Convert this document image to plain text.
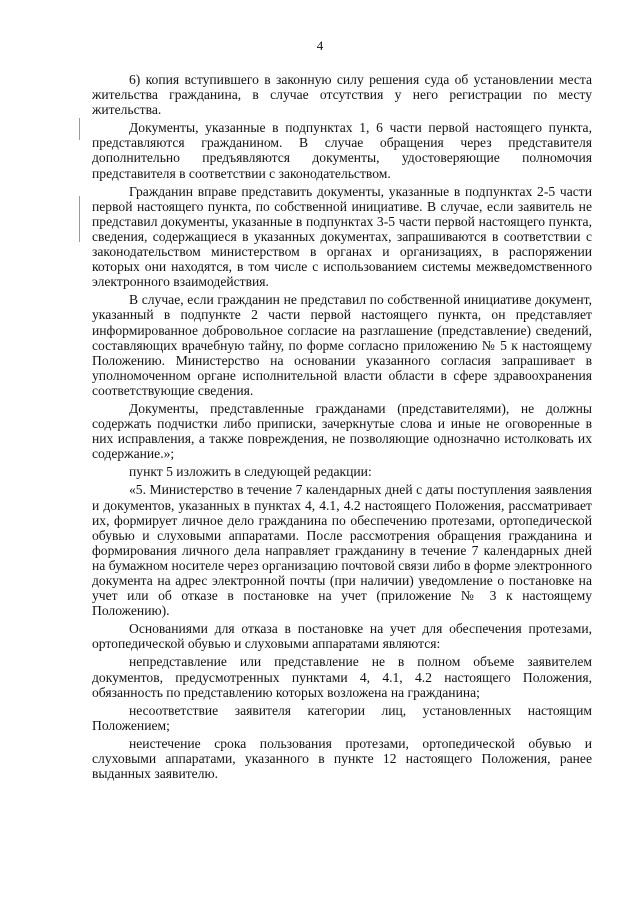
4

6) копия вступившего в законную силу решения суда об установлении места жительства гражданина, в случае отсутствия у него регистрации по месту жительства.

Документы, указанные в подпунктах 1, 6 части первой настоящего пункта, представляются гражданином. В случае обращения через представителя дополнительно предъявляются документы, удостоверяющие полномочия представителя в соответствии с законодательством.

Гражданин вправе представить документы, указанные в подпунктах 2-5 части первой настоящего пункта, по собственной инициативе. В случае, если заявитель не представил документы, указанные в подпунктах 3-5 части первой настоящего пункта, сведения, содержащиеся в указанных документах, запрашиваются в соответствии с законодательством министерством в органах и организациях, в распоряжении которых они находятся, в том числе с использованием системы межведомственного электронного взаимодействия.

В случае, если гражданин не представил по собственной инициативе документ, указанный в подпункте 2 части первой настоящего пункта, он представляет информированное добровольное согласие на разглашение (представление) сведений, составляющих врачебную тайну, по форме согласно приложению № 5 к настоящему Положению. Министерство на основании указанного согласия запрашивает в уполномоченном органе исполнительной власти области в сфере здравоохранения соответствующие сведения.

Документы, представленные гражданами (представителями), не должны содержать подчистки либо приписки, зачеркнутые слова и иные не оговоренные в них исправления, а также повреждения, не позволяющие однозначно истолковать их содержание.»;

пункт 5 изложить в следующей редакции:

«5. Министерство в течение 7 календарных дней с даты поступления заявления и документов, указанных в пунктах 4, 4.1, 4.2 настоящего Положения, рассматривает их, формирует личное дело гражданина по обеспечению протезами, ортопедической обувью и слуховыми аппаратами. После рассмотрения обращения гражданина и формирования личного дела направляет гражданину в течение 7 календарных дней на бумажном носителе через организацию почтовой связи либо в форме электронного документа на адрес электронной почты (при наличии) уведомление о постановке на учет или об отказе в постановке на учет (приложение № 3 к настоящему Положению).

Основаниями для отказа в постановке на учет для обеспечения протезами, ортопедической обувью и слуховыми аппаратами являются:

непредставление или представление не в полном объеме заявителем документов, предусмотренных пунктами 4, 4.1, 4.2 настоящего Положения, обязанность по представлению которых возложена на гражданина;

несоответствие заявителя категории лиц, установленных настоящим Положением;

неистечение срока пользования протезами, ортопедической обувью и слуховыми аппаратами, указанного в пункте 12 настоящего Положения, ранее выданных заявителю.
